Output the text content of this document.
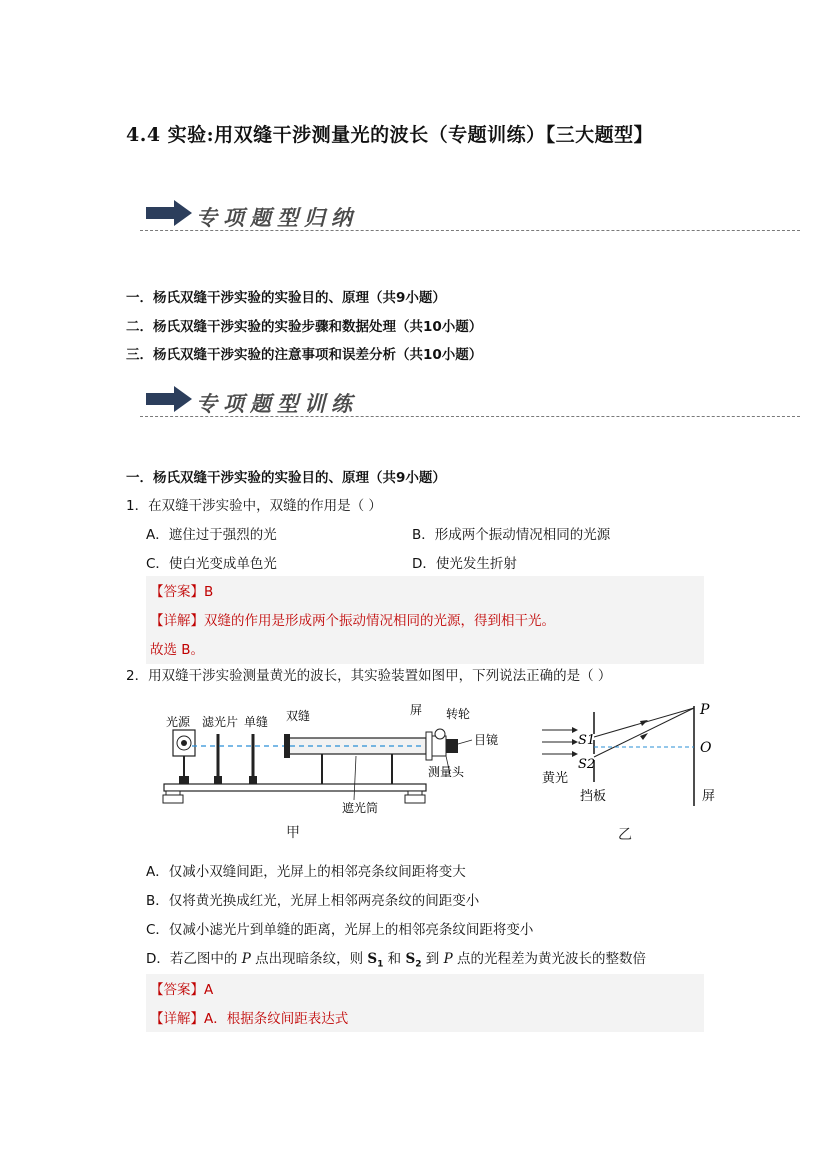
4.4 实验:用双缝干涉测量光的波长（专题训练）【三大题型】
专项题型归纳
一．杨氏双缝干涉实验的实验目的、原理（共9小题）
二．杨氏双缝干涉实验的实验步骤和数据处理（共10小题）
三．杨氏双缝干涉实验的注意事项和误差分析（共10小题）
专项题型训练
一．杨氏双缝干涉实验的实验目的、原理（共9小题）
1．在双缝干涉实验中，双缝的作用是（ ）
A．遮住过于强烈的光	B．形成两个振动情况相同的光源
C．使白光变成单色光	D．使光发生折射
【答案】B
【详解】双缝的作用是形成两个振动情况相同的光源，得到相干光。
故选 B。
2．用双缝干涉实验测量黄光的波长，其实验装置如图甲，下列说法正确的是（ ）
光源 滤光片 单缝 双缝	屏 转轮
目镜
测量头
遮光筒
甲
P
O
S1
S2
黄光
挡板	屏
乙
A．仅减小双缝间距，光屏上的相邻亮条纹间距将变大
B．仅将黄光换成红光，光屏上相邻两亮条纹的间距变小
C．仅减小滤光片到单缝的距离，光屏上的相邻亮条纹间距将变小
D．若乙图中的 P 点出现暗条纹，则 $S_1$ 和 $S_2$ 到 P 点的光程差为黄光波长的整数倍
【答案】A
【详解】A．根据条纹间距表达式
